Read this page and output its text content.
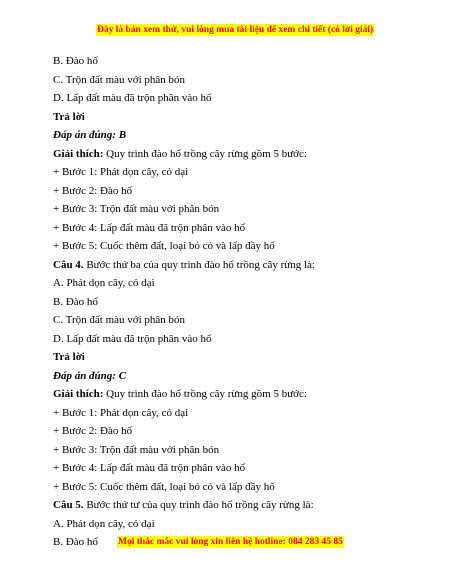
Đây là bản xem thử, vui lòng mua tài liệu để xem chi tiết (có lời giải)
B. Đào hố
C. Trộn đất màu với phân bón
D. Lấp đất màu đã trộn phân vào hố
Trả lời
Đáp án đúng: B
Giải thích: Quy trình đào hố trồng cây rừng gồm 5 bước:
+ Bước 1: Phát dọn cây, cỏ dại
+ Bước 2: Đào hố
+ Bước 3: Trộn đất màu với phân bón
+ Bước 4: Lấp đất màu đã trộn phân vào hố
+ Bước 5: Cuốc thêm đất, loại bỏ cỏ và lấp đầy hố
Câu 4. Bước thứ ba của quy trình đào hố trồng cây rừng là:
A. Phát dọn cây, cỏ dại
B. Đào hố
C. Trộn đất màu với phân bón
D. Lấp đất màu đã trộn phân vào hố
Trả lời
Đáp án đúng: C
Giải thích: Quy trình đào hố trồng cây rừng gồm 5 bước:
+ Bước 1: Phát dọn cây, cỏ dại
+ Bước 2: Đào hố
+ Bước 3: Trộn đất màu với phân bón
+ Bước 4: Lấp đất màu đã trộn phân vào hố
+ Bước 5: Cuốc thêm đất, loại bỏ cỏ và lấp đầy hố
Câu 5. Bước thứ tư của quy trình đào hố trồng cây rừng là:
A. Phát dọn cây, cỏ dại
B. Đào hố	Mọi thắc mắc vui lòng xin liên hệ hotline: 084 283 45 85
